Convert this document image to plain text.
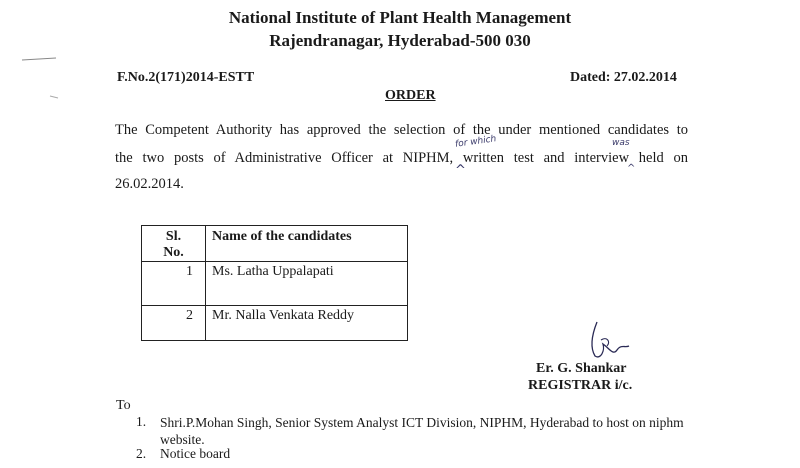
National Institute of Plant Health Management
Rajendranagar, Hyderabad-500 030
F.No.2(171)2014-ESTT	Dated: 27.02.2014
ORDER
The Competent Authority has approved the selection of the under mentioned candidates to
for which	was
the two posts of Administrative Officer at NIPHM, written test and interview held on
^	^
26.02.2014.
Sl.
No.	Name of the candidates
1	Ms. Latha Uppalapati
2	Mr. Nalla Venkata Reddy
Er. G. Shankar
REGISTRAR i/c.
To
1. Shri.P.Mohan Singh, Senior System Analyst ICT Division, NIPHM, Hyderabad to host on niphm website.
2. Notice board
